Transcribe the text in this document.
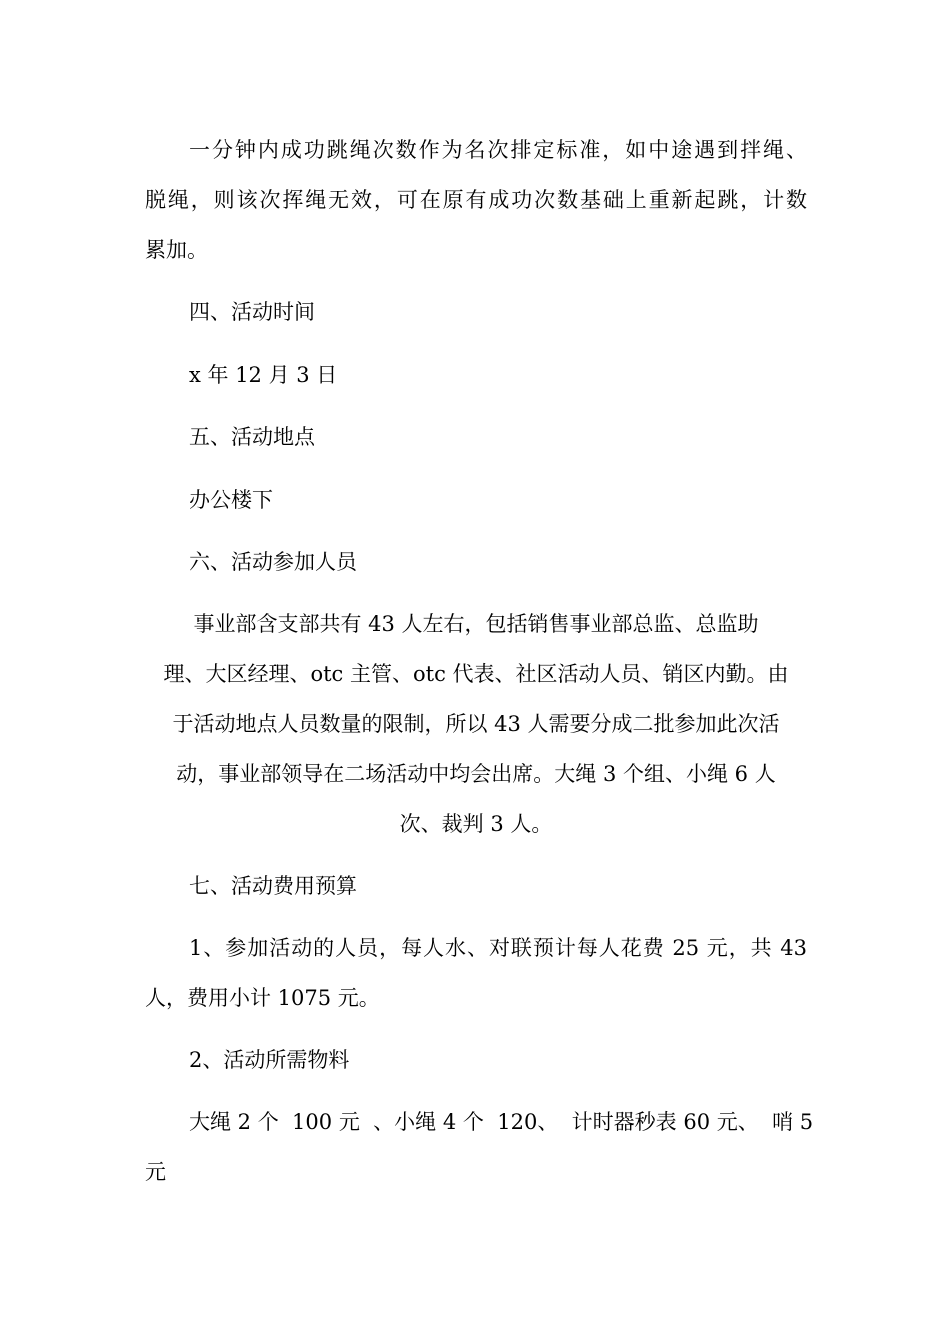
一分钟内成功跳绳次数作为名次排定标准，如中途遇到拌绳、
脱绳，则该次挥绳无效，可在原有成功次数基础上重新起跳，计数
累加。
四、活动时间
x 年 12 月 3 日
五、活动地点
办公楼下
六、活动参加人员
事业部含支部共有 43 人左右，包括销售事业部总监、总监助
理、大区经理、otc 主管、otc 代表、社区活动人员、销区内勤。由
于活动地点人员数量的限制，所以 43 人需要分成二批参加此次活
动，事业部领导在二场活动中均会出席。大绳 3 个组、小绳 6 人
次、裁判 3 人。
七、活动费用预算
1、参加活动的人员，每人水、对联预计每人花费 25 元，共 43
人，费用小计 1075 元。
2、活动所需物料
大绳 2 个  100 元  、小绳 4 个  120、  计时器秒表 60 元、  哨 5
元
